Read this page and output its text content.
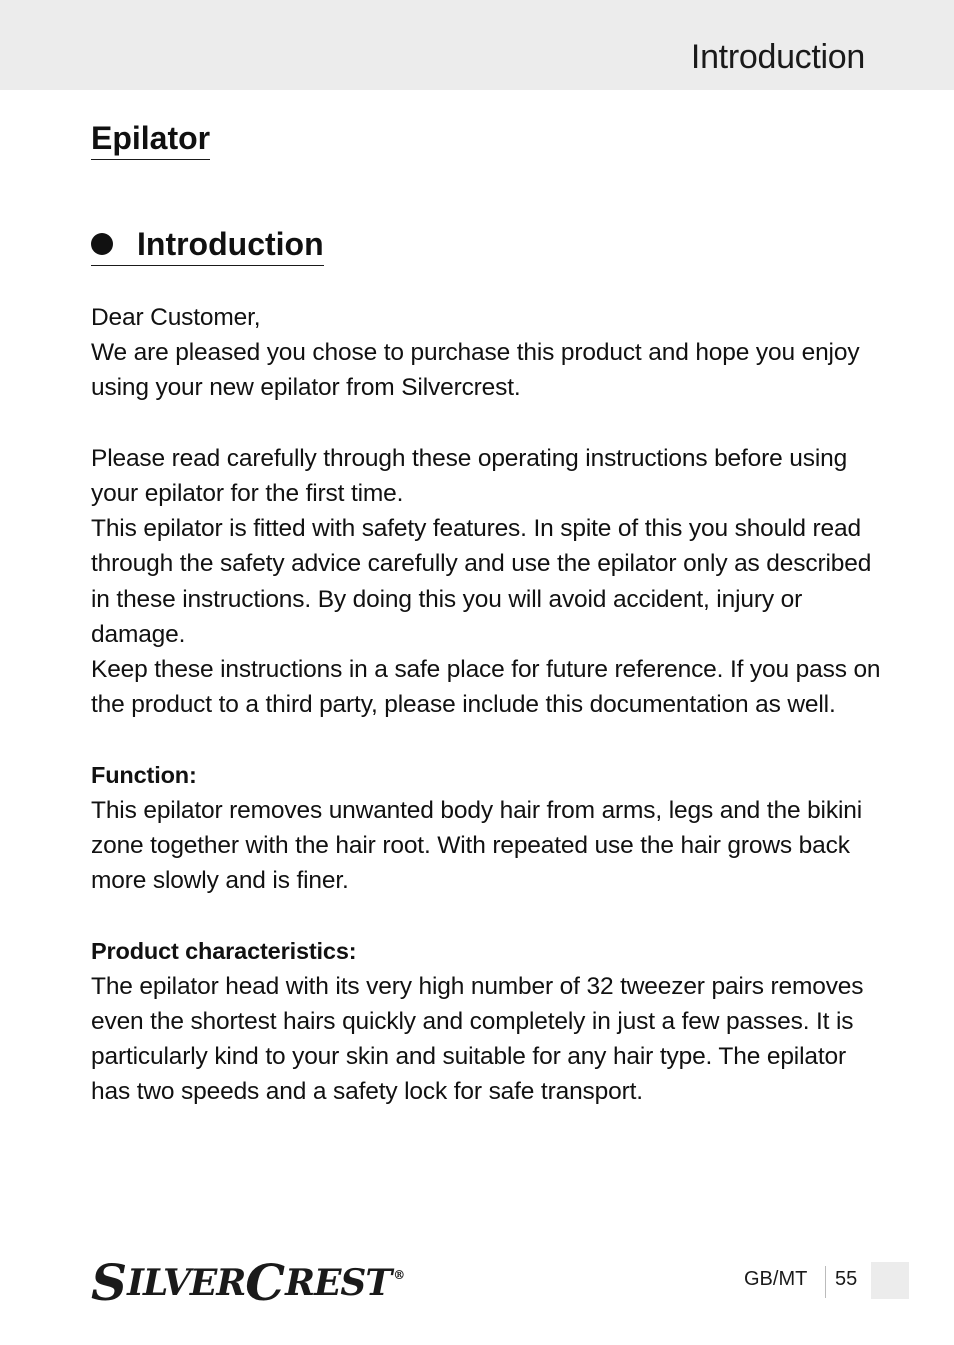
Introduction
Epilator
Introduction

Dear Customer,

We are pleased you chose to purchase this product and hope you enjoy using your new epilator from Silvercrest.

Please read carefully through these operating instructions before using your epilator for the first time.

This epilator is fitted with safety features. In spite of this you should read through the safety advice carefully and use the epilator only as described in these instructions. By doing this you will avoid accident, injury or damage.

Keep these instructions in a safe place for future reference. If you pass on the product to a third party, please include this documentation as well.

Function:

This epilator removes unwanted body hair from arms, legs and the bikini zone together with the hair root. With repeated use the hair grows back more slowly and is finer.

Product characteristics:

The epilator head with its very high number of 32 tweezer pairs removes even the shortest hairs quickly and completely in just a few passes. It is particularly kind to your skin and suitable for any hair type. The epilator has two speeds and a safety lock for safe transport.

S ILVER C REST ®	GB/MT 55
